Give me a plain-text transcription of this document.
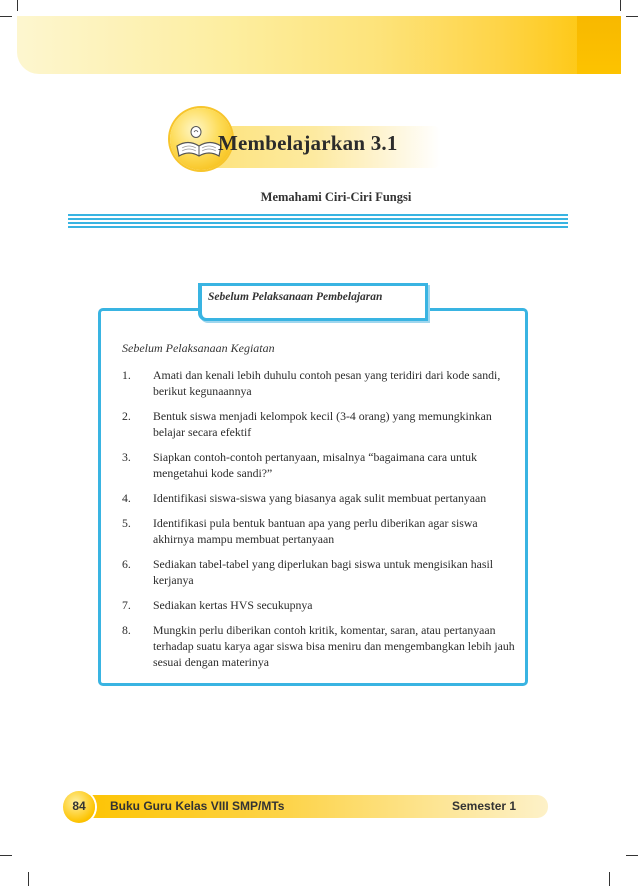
Membelajarkan 3.1
Memahami Ciri-Ciri Fungsi
Sebelum Pelaksanaan Pembelajaran
Sebelum Pelaksanaan Kegiatan
1. Amati dan kenali lebih duhulu contoh pesan yang teridiri dari kode sandi, berikut kegunaannya
2. Bentuk siswa menjadi kelompok kecil (3-4 orang) yang memungkinkan belajar secara efektif
3. Siapkan contoh-contoh pertanyaan, misalnya “bagaimana cara untuk mengetahui kode sandi?”
4. Identifikasi siswa-siswa yang biasanya agak sulit membuat pertanyaan
5. Identifikasi pula bentuk bantuan apa yang perlu diberikan agar siswa akhirnya mampu membuat pertanyaan
6. Sediakan tabel-tabel yang diperlukan bagi siswa untuk mengisikan hasil kerjanya
7. Sediakan kertas HVS secukupnya
8. Mungkin perlu diberikan contoh kritik, komentar, saran, atau pertanyaan terhadap suatu karya agar siswa bisa meniru dan mengembangkan lebih jauh sesuai dengan materinya
84	Buku Guru Kelas VIII SMP/MTs	Semester 1
